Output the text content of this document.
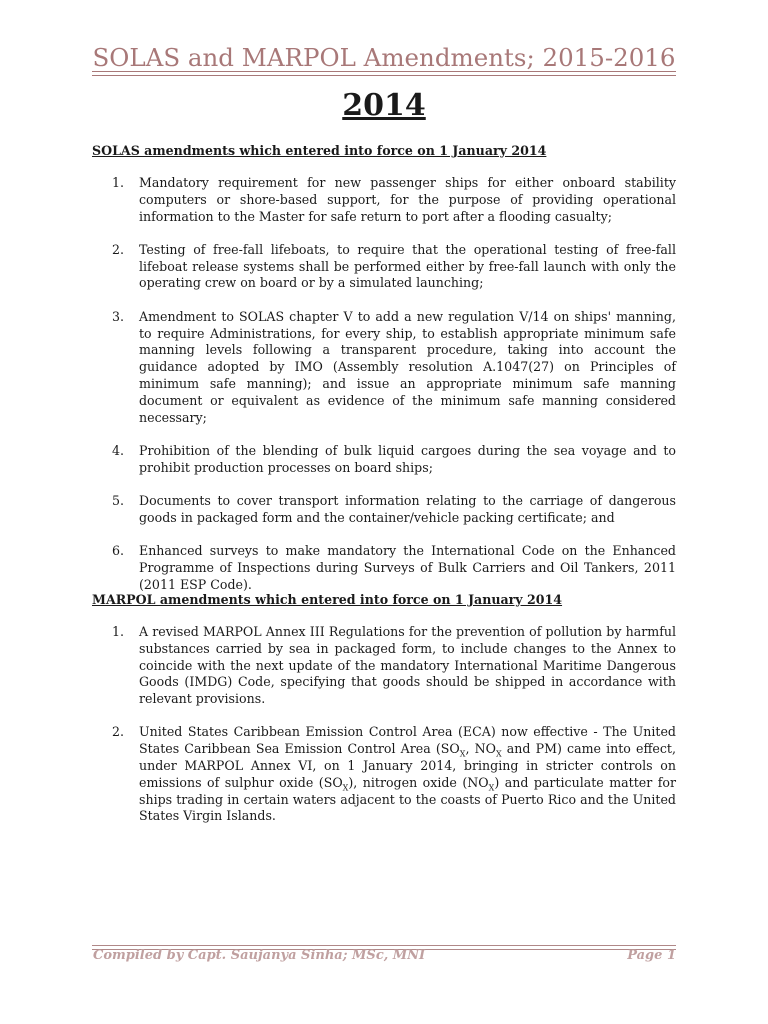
SOLAS and MARPOL Amendments; 2015-2016
2014
SOLAS amendments which entered into force on 1 January 2014
1. Mandatory requirement for new passenger ships for either onboard stability computers or shore-based support, for the purpose of providing operational information to the Master for safe return to port after a flooding casualty;
2. Testing of free-fall lifeboats, to require that the operational testing of free-fall lifeboat release systems shall be performed either by free-fall launch with only the operating crew on board or by a simulated launching;
3. Amendment to SOLAS chapter V to add a new regulation V/14 on ships' manning, to require Administrations, for every ship, to establish appropriate minimum safe manning levels following a transparent procedure, taking into account the guidance adopted by IMO (Assembly resolution A.1047(27) on Principles of minimum safe manning); and issue an appropriate minimum safe manning document or equivalent as evidence of the minimum safe manning considered necessary;
4. Prohibition of the blending of bulk liquid cargoes during the sea voyage and to prohibit production processes on board ships;
5. Documents to cover transport information relating to the carriage of dangerous goods in packaged form and the container/vehicle packing certificate; and
6. Enhanced surveys to make mandatory the International Code on the Enhanced Programme of Inspections during Surveys of Bulk Carriers and Oil Tankers, 2011 (2011 ESP Code).
MARPOL amendments which entered into force on 1 January 2014
1. A revised MARPOL Annex III Regulations for the prevention of pollution by harmful substances carried by sea in packaged form, to include changes to the Annex to coincide with the next update of the mandatory International Maritime Dangerous Goods (IMDG) Code, specifying that goods should be shipped in accordance with relevant provisions.
2. United States Caribbean Emission Control Area (ECA) now effective - The United States Caribbean Sea Emission Control Area ($SO_X$, $NO_X$ and PM) came into effect, under MARPOL Annex VI, on 1 January 2014, bringing in stricter controls on emissions of sulphur oxide $(SO_X)$, nitrogen oxide $(NO_X)$ and particulate matter for ships trading in certain waters adjacent to the coasts of Puerto Rico and the United States Virgin Islands.
Compiled by Capt. Saujanya Sinha; MSc, MNI	Page 1
